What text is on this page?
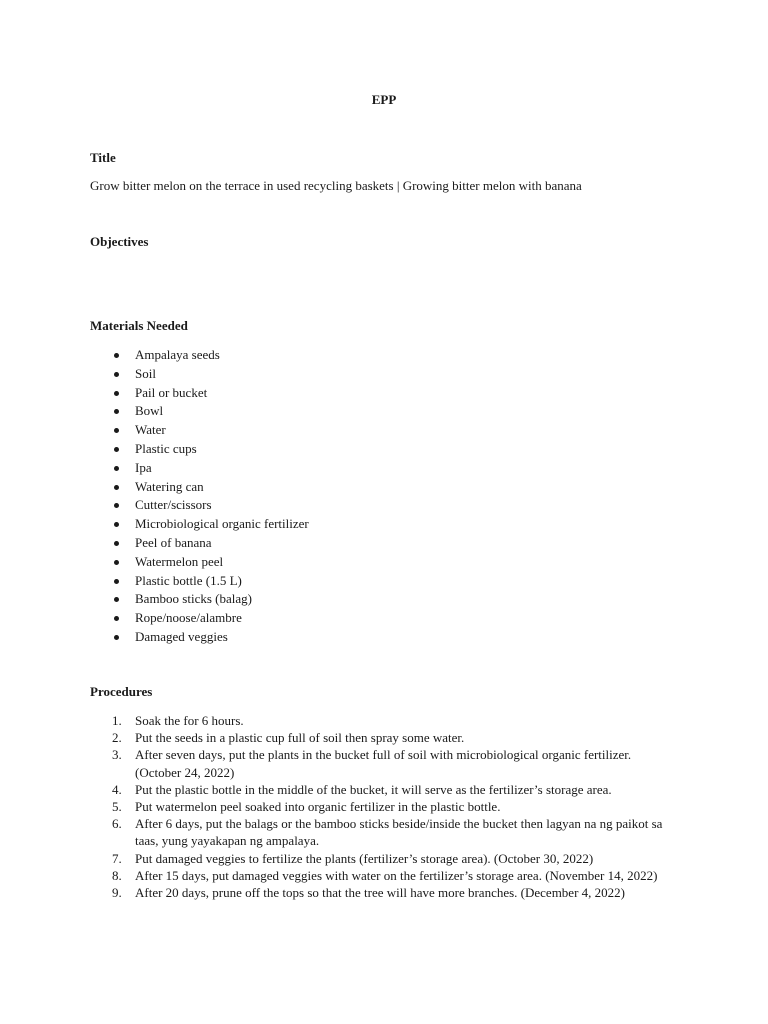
EPP
Title
Grow bitter melon on the terrace in used recycling baskets | Growing bitter melon with banana
Objectives
Materials Needed
Ampalaya seeds
Soil
Pail or bucket
Bowl
Water
Plastic cups
Ipa
Watering can
Cutter/scissors
Microbiological organic fertilizer
Peel of banana
Watermelon peel
Plastic bottle (1.5 L)
Bamboo sticks (balag)
Rope/noose/alambre
Damaged veggies
Procedures
1. Soak the for 6 hours.
2. Put the seeds in a plastic cup full of soil then spray some water.
3. After seven days, put the plants in the bucket full of soil with microbiological organic fertilizer. (October 24, 2022)
4. Put the plastic bottle in the middle of the bucket, it will serve as the fertilizer’s storage area.
5. Put watermelon peel soaked into organic fertilizer in the plastic bottle.
6. After 6 days, put the balags or the bamboo sticks beside/inside the bucket then lagyan na ng paikot sa taas, yung yayakapan ng ampalaya.
7. Put damaged veggies to fertilize the plants (fertilizer’s storage area). (October 30, 2022)
8. After 15 days, put damaged veggies with water on the fertilizer’s storage area. (November 14, 2022)
9. After 20 days, prune off the tops so that the tree will have more branches. (December 4, 2022)
